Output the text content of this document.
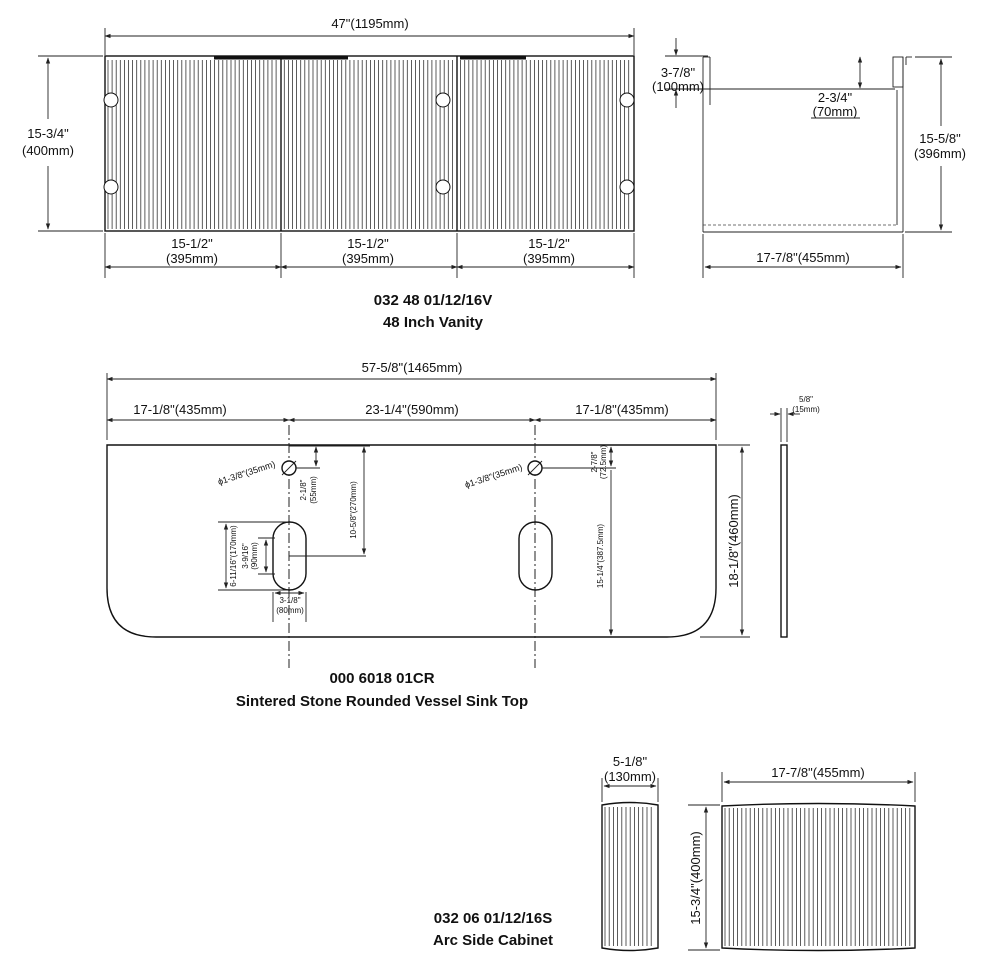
47"(1195mm)
15-3/4"
(400mm)
15-1/2"
(395mm)
15-1/2"
(395mm)
15-1/2"
(395mm)
3-7/8"
(100mm)
2-3/4"
(70mm)
15-5/8"
(396mm)
17-7/8"(455mm)
032 48 01/12/16V
48 Inch Vanity
57-5/8"(1465mm)
17-1/8"(435mm)	23-1/4"(590mm)	17-1/8"(435mm)
ϕ1-3/8"(35mm)	ϕ1-3/8"(35mm)
2-1/8" (55mm)	10-5/8"(270mm)
6-11/16"(170mm) 3-9/16" (90mm)
3-1/8"
(80mm)
2-7/8" (72.5mm)
15-1/4"(387.5mm)	18-1/8"(460mm)
5/8"
(15mm)
000 6018 01CR
Sintered Stone Rounded Vessel Sink Top
5-1/8"
(130mm)	17-7/8"(455mm)
15-3/4"(400mm)
032 06 01/12/16S
Arc Side Cabinet
